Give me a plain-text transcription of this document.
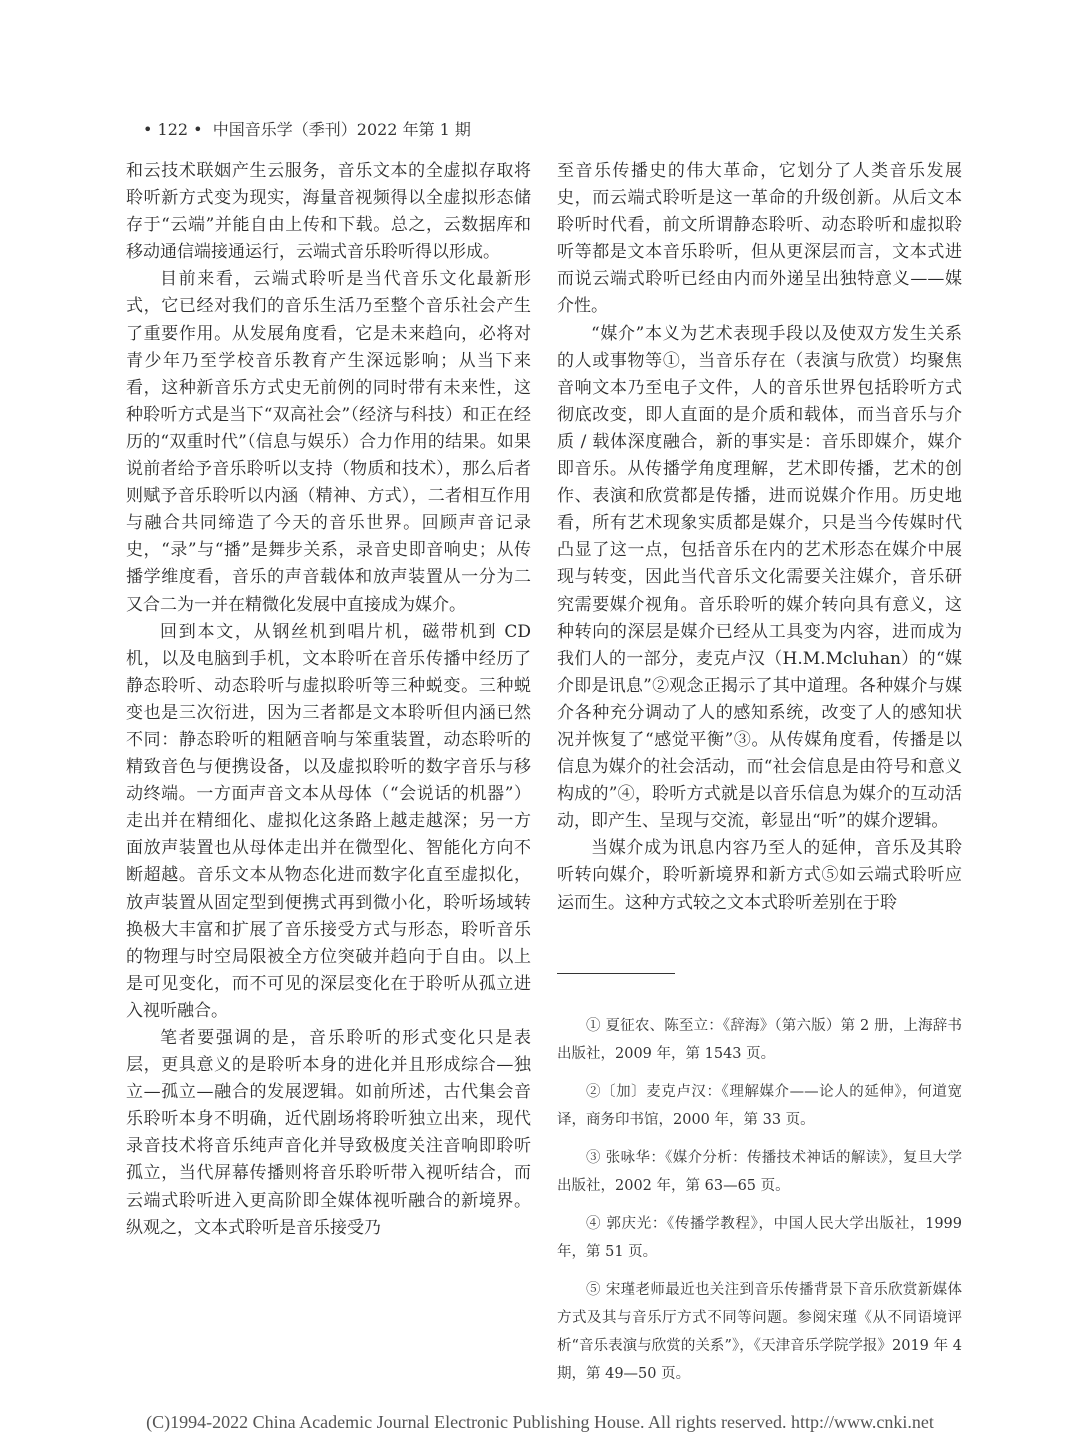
• 122 • 中国音乐学（季刊）2022 年第 1 期

和云技术联姻产生云服务，音乐文本的全虚拟存取将聆听新方式变为现实，海量音视频得以全虚拟形态储存于“云端”并能自由上传和下载。总之，云数据库和移动通信端接通运行，云端式音乐聆听得以形成。

目前来看，云端式聆听是当代音乐文化最新形式，它已经对我们的音乐生活乃至整个音乐社会产生了重要作用。从发展角度看，它是未来趋向，必将对青少年乃至学校音乐教育产生深远影响；从当下来看，这种新音乐方式史无前例的同时带有未来性，这种聆听方式是当下“双高社会”（经济与科技）和正在经历的“双重时代”（信息与娱乐）合力作用的结果。如果说前者给予音乐聆听以支持（物质和技术），那么后者则赋予音乐聆听以内涵（精神、方式），二者相互作用与融合共同缔造了今天的音乐世界。回顾声音记录史，“录”与“播”是舞步关系，录音史即音响史；从传播学维度看，音乐的声音载体和放声装置从一分为二又合二为一并在精微化发展中直接成为媒介。

回到本文，从钢丝机到唱片机，磁带机到 CD 机，以及电脑到手机，文本聆听在音乐传播中经历了静态聆听、动态聆听与虚拟聆听等三种蜕变。三种蜕变也是三次衍进，因为三者都是文本聆听但内涵已然不同：静态聆听的粗陋音响与笨重装置，动态聆听的精致音色与便携设备，以及虚拟聆听的数字音乐与移动终端。一方面声音文本从母体（“会说话的机器”）走出并在精细化、虚拟化这条路上越走越深；另一方面放声装置也从母体走出并在微型化、智能化方向不断超越。音乐文本从物态化进而数字化直至虚拟化，放声装置从固定型到便携式再到微小化，聆听场域转换极大丰富和扩展了音乐接受方式与形态，聆听音乐的物理与时空局限被全方位突破并趋向于自由。以上是可见变化，而不可见的深层变化在于聆听从孤立进入视听融合。

笔者要强调的是，音乐聆听的形式变化只是表层，更具意义的是聆听本身的进化并且形成综合—独立—孤立—融合的发展逻辑。如前所述，古代集会音乐聆听本身不明确，近代剧场将聆听独立出来，现代录音技术将音乐纯声音化并导致极度关注音响即聆听孤立，当代屏幕传播则将音乐聆听带入视听结合，而云端式聆听进入更高阶即全媒体视听融合的新境界。纵观之，文本式聆听是音乐接受乃

至音乐传播史的伟大革命，它划分了人类音乐发展史，而云端式聆听是这一革命的升级创新。从后文本聆听时代看，前文所谓静态聆听、动态聆听和虚拟聆听等都是文本音乐聆听，但从更深层而言，文本式进而说云端式聆听已经由内而外递呈出独特意义——媒介性。

“媒介”本义为艺术表现手段以及使双方发生关系的人或事物等①，当音乐存在（表演与欣赏）均聚焦音响文本乃至电子文件，人的音乐世界包括聆听方式彻底改变，即人直面的是介质和载体，而当音乐与介质 / 载体深度融合，新的事实是：音乐即媒介，媒介即音乐。从传播学角度理解，艺术即传播，艺术的创作、表演和欣赏都是传播，进而说媒介作用。历史地看，所有艺术现象实质都是媒介，只是当今传媒时代凸显了这一点，包括音乐在内的艺术形态在媒介中展现与转变，因此当代音乐文化需要关注媒介，音乐研究需要媒介视角。音乐聆听的媒介转向具有意义，这种转向的深层是媒介已经从工具变为内容，进而成为我们人的一部分，麦克卢汉（H.M.Mcluhan）的“媒介即是讯息”②观念正揭示了其中道理。各种媒介与媒介各种充分调动了人的感知系统，改变了人的感知状况并恢复了“感觉平衡”③。从传媒角度看，传播是以信息为媒介的社会活动，而“社会信息是由符号和意义构成的”④，聆听方式就是以音乐信息为媒介的互动活动，即产生、呈现与交流，彰显出“听”的媒介逻辑。

当媒介成为讯息内容乃至人的延伸，音乐及其聆听转向媒介，聆听新境界和新方式⑤如云端式聆听应运而生。这种方式较之文本式聆听差别在于聆

① 夏征农、陈至立：《辞海》（第六版）第 2 册，上海辞书出版社，2009 年，第 1543 页。

②〔加〕麦克卢汉：《理解媒介——论人的延伸》，何道宽译，商务印书馆，2000 年，第 33 页。

③ 张咏华：《媒介分析：传播技术神话的解读》，复旦大学出版社，2002 年，第 63—65 页。

④ 郭庆光：《传播学教程》，中国人民大学出版社，1999 年，第 51 页。

⑤ 宋瑾老师最近也关注到音乐传播背景下音乐欣赏新媒体方式及其与音乐厅方式不同等问题。参阅宋瑾《从不同语境评析“音乐表演与欣赏的关系”》，《天津音乐学院学报》2019 年 4 期，第 49—50 页。

(C)1994-2022 China Academic Journal Electronic Publishing House. All rights reserved. http://www.cnki.net
